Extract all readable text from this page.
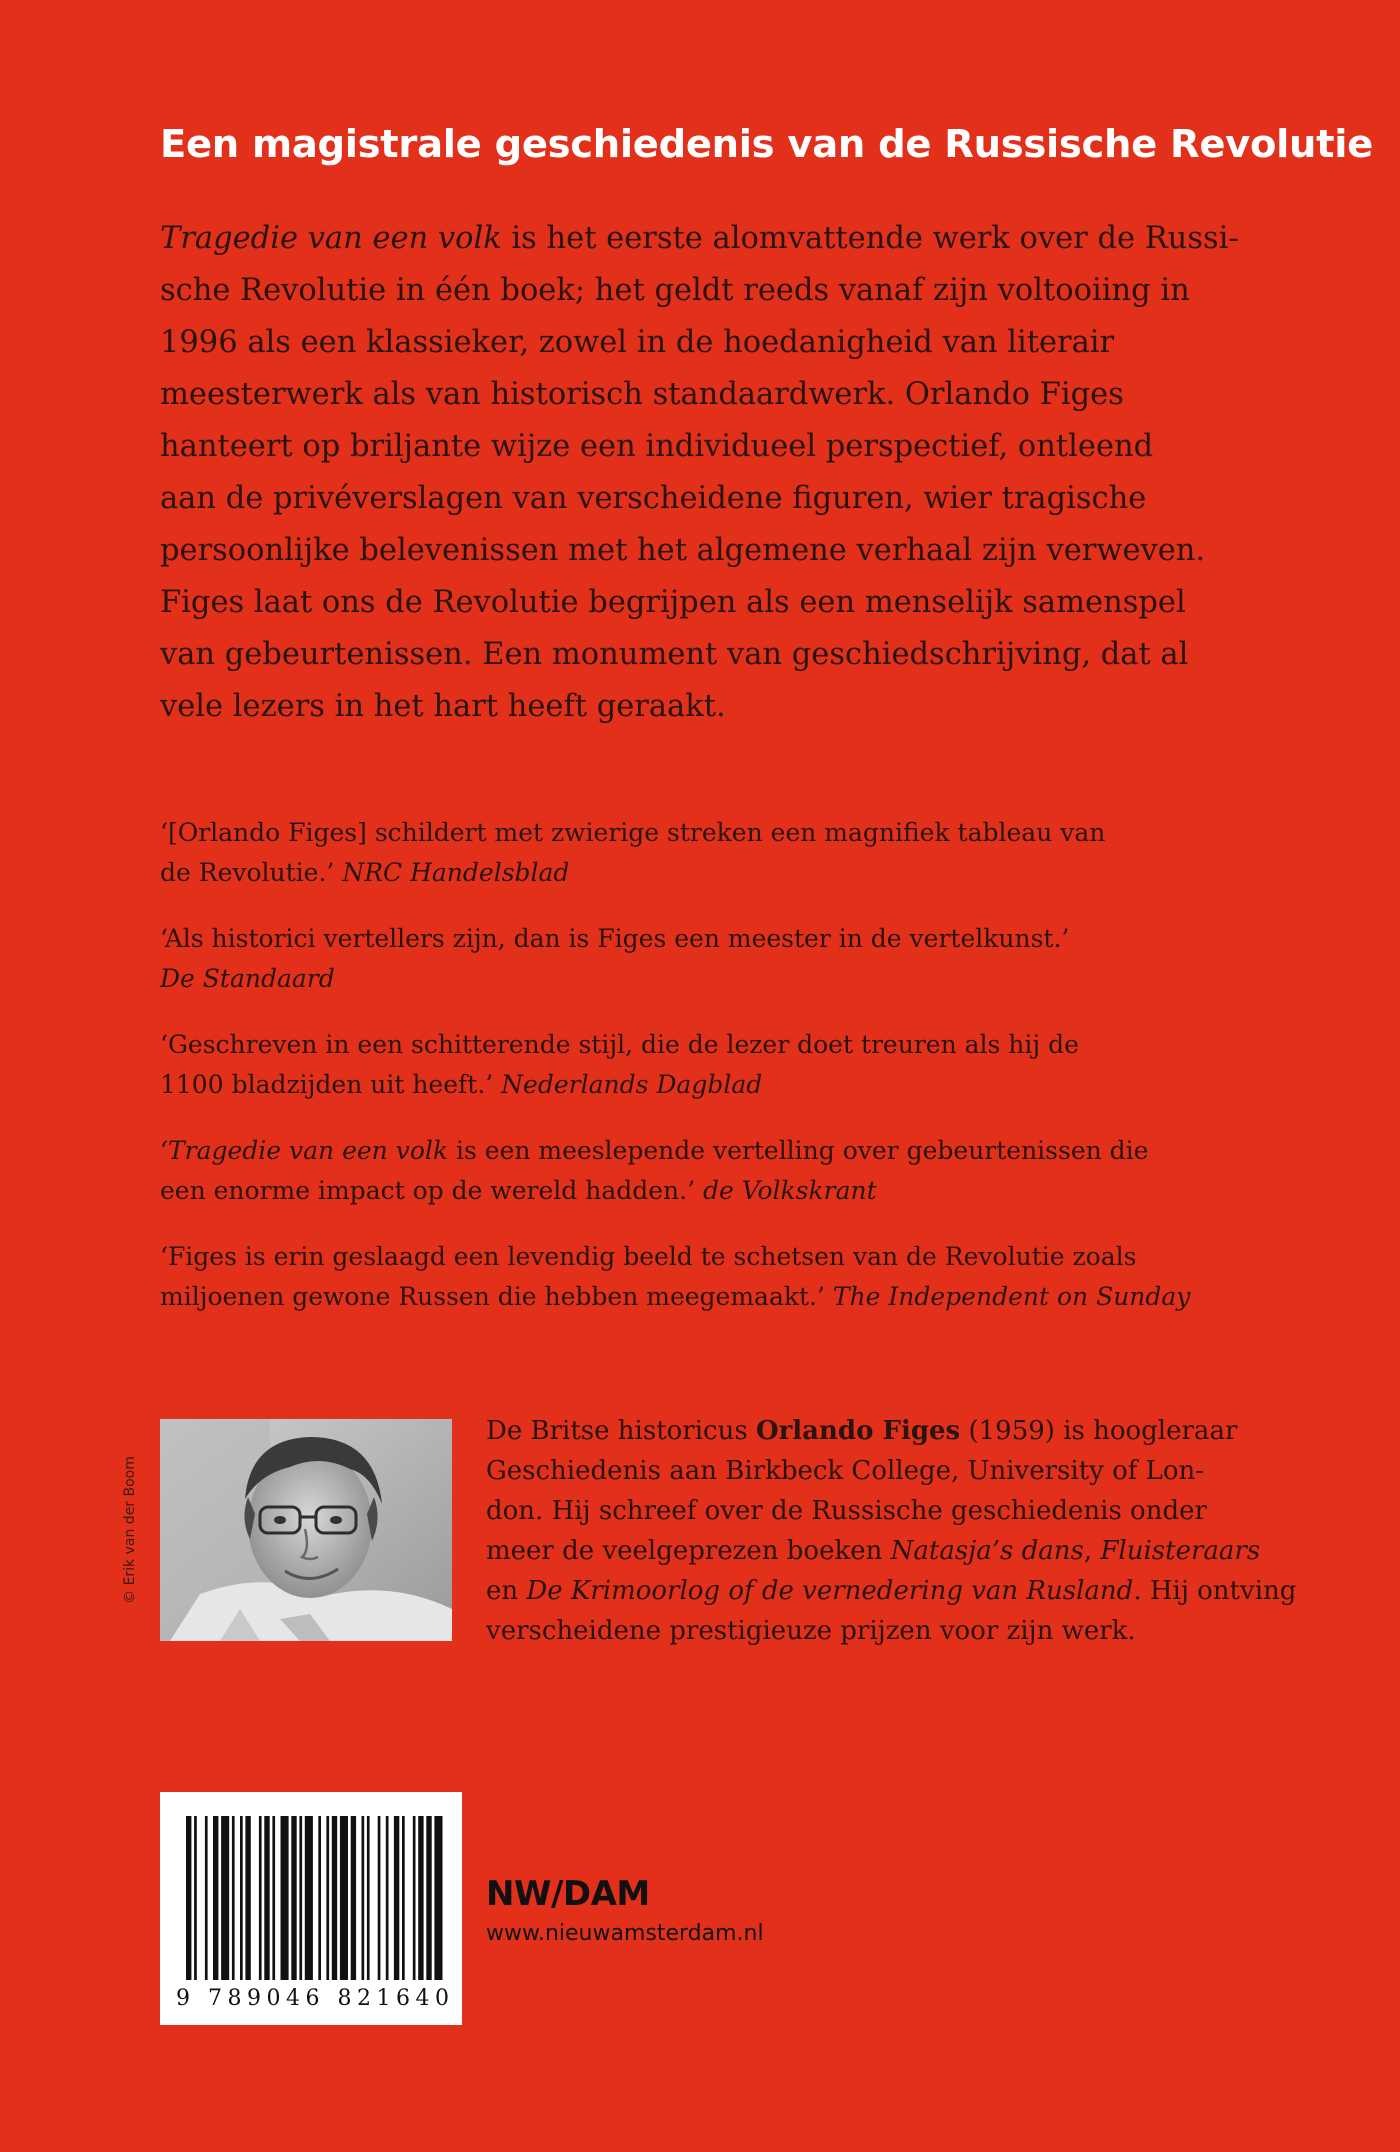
Een magistrale geschiedenis van de Russische Revolutie
Tragedie van een volk is het eerste alomvattende werk over de Russi-
sche Revolutie in één boek; het geldt reeds vanaf zijn voltooiing in
1996 als een klassieker, zowel in de hoedanigheid van literair
meesterwerk als van historisch standaardwerk. Orlando Figes
hanteert op briljante wijze een individueel perspectief, ontleend
aan de privéverslagen van verscheidene figuren, wier tragische
persoonlijke belevenissen met het algemene verhaal zijn verweven.
Figes laat ons de Revolutie begrijpen als een menselijk samenspel
van gebeurtenissen. Een monument van geschiedschrijving, dat al
vele lezers in het hart heeft geraakt.
‘[Orlando Figes] schildert met zwierige streken een magnifiek tableau van
de Revolutie.’ NRC Handelsblad
‘Als historici vertellers zijn, dan is Figes een meester in de vertelkunst.’
De Standaard
‘Geschreven in een schitterende stijl, die de lezer doet treuren als hij de
1100 bladzijden uit heeft.’ Nederlands Dagblad
‘Tragedie van een volk is een meeslepende vertelling over gebeurtenissen die
een enorme impact op de wereld hadden.’ de Volkskrant
‘Figes is erin geslaagd een levendig beeld te schetsen van de Revolutie zoals
miljoenen gewone Russen die hebben meegemaakt.’ The Independent on Sunday
© Erik van der Boom
De Britse historicus Orlando Figes (1959) is hoogleraar
Geschiedenis aan Birkbeck College, University of Lon-
don. Hij schreef over de Russische geschiedenis onder
meer de veelgeprezen boeken Natasja’s dans, Fluisteraars
en De Krimoorlog of de vernedering van Rusland. Hij ontving
verscheidene prestigieuze prijzen voor zijn werk.
9 789046 821640
NW/DAM
www.nieuwamsterdam.nl
